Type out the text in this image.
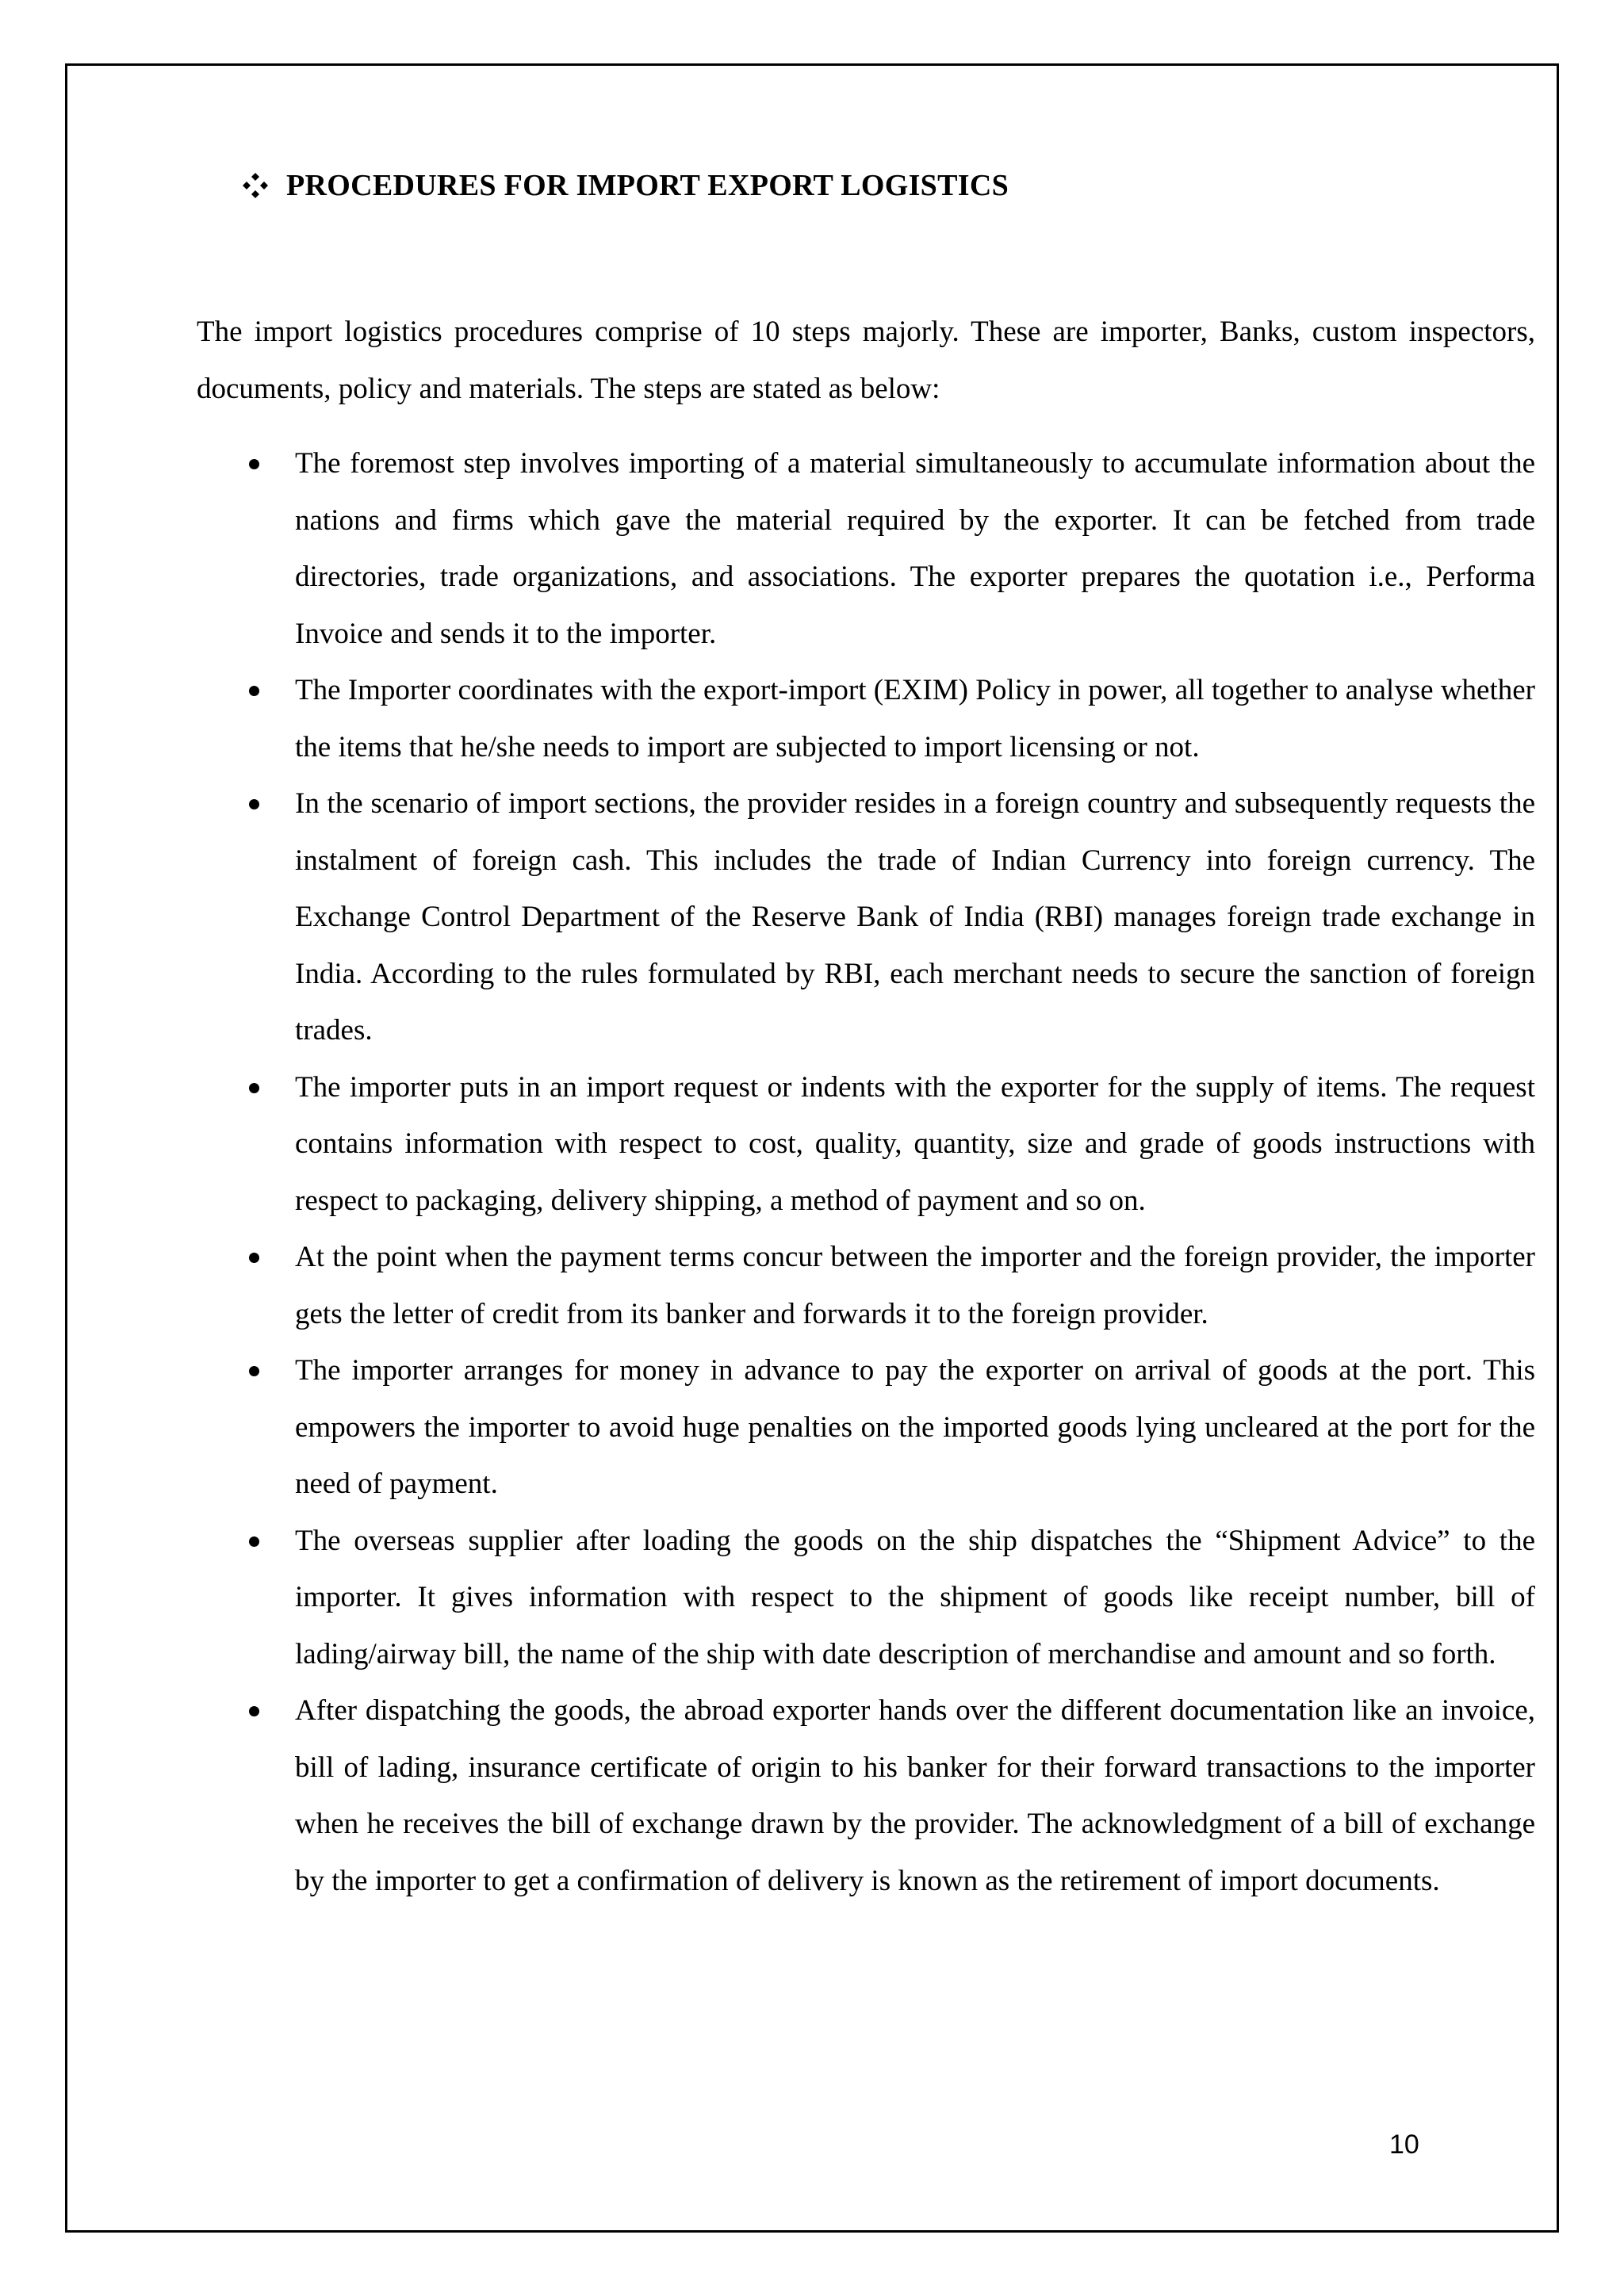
PROCEDURES FOR IMPORT EXPORT LOGISTICS

The import logistics procedures comprise of 10 steps majorly. These are importer, Banks, custom inspectors, documents, policy and materials. The steps are stated as below:

The foremost step involves importing of a material simultaneously to accumulate information about the nations and firms which gave the material required by the exporter. It can be fetched from trade directories, trade organizations, and associations. The exporter prepares the quotation i.e., Performa Invoice and sends it to the importer.
The Importer coordinates with the export-import (EXIM) Policy in power, all together to analyse whether the items that he/she needs to import are subjected to import licensing or not.
In the scenario of import sections, the provider resides in a foreign country and subsequently requests the instalment of foreign cash. This includes the trade of Indian Currency into foreign currency. The Exchange Control Department of the Reserve Bank of India (RBI) manages foreign trade exchange in India. According to the rules formulated by RBI, each merchant needs to secure the sanction of foreign trades.
The importer puts in an import request or indents with the exporter for the supply of items. The request contains information with respect to cost, quality, quantity, size and grade of goods instructions with respect to packaging, delivery shipping, a method of payment and so on.
At the point when the payment terms concur between the importer and the foreign provider, the importer gets the letter of credit from its banker and forwards it to the foreign provider.
The importer arranges for money in advance to pay the exporter on arrival of goods at the port. This empowers the importer to avoid huge penalties on the imported goods lying uncleared at the port for the need of payment.
The overseas supplier after loading the goods on the ship dispatches the “Shipment Advice” to the importer. It gives information with respect to the shipment of goods like receipt number, bill of lading/airway bill, the name of the ship with date description of merchandise and amount and so forth.
After dispatching the goods, the abroad exporter hands over the different documentation like an invoice, bill of lading, insurance certificate of origin to his banker for their forward transactions to the importer when he receives the bill of exchange drawn by the provider. The acknowledgment of a bill of exchange by the importer to get a confirmation of delivery is known as the retirement of import documents.
10
